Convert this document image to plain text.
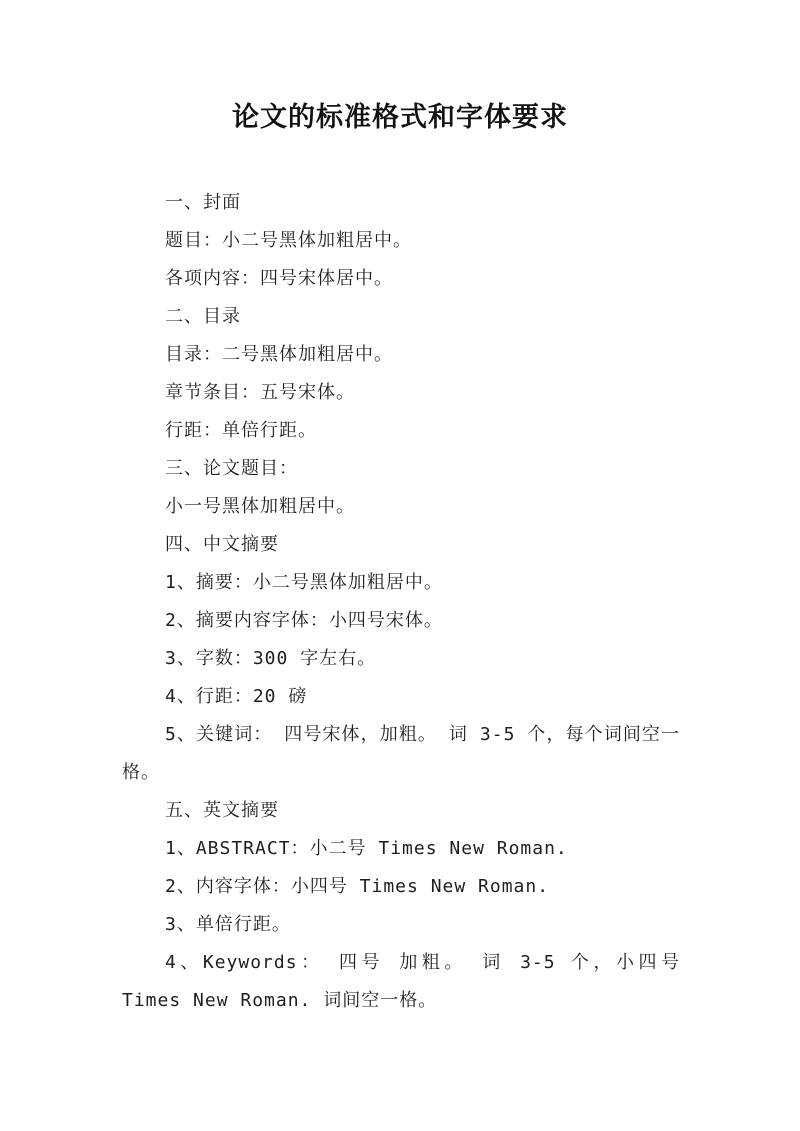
论文的标准格式和字体要求

一、封面

题目：小二号黑体加粗居中。

各项内容：四号宋体居中。

二、目录

目录：二号黑体加粗居中。

章节条目：五号宋体。

行距：单倍行距。

三、论文题目：

小一号黑体加粗居中。

四、中文摘要

1、摘要：小二号黑体加粗居中。

2、摘要内容字体：小四号宋体。

3、字数：300 字左右。

4、行距：20 磅

5、关键词： 四号宋体，加粗。 词 3-5 个，每个词间空一格。

五、英文摘要

1、ABSTRACT：小二号 Times New Roman.

2、内容字体：小四号 Times New Roman.

3、单倍行距。

4、Keywords： 四号 加粗。 词 3-5 个，小四号 Times New Roman. 词间空一格。
